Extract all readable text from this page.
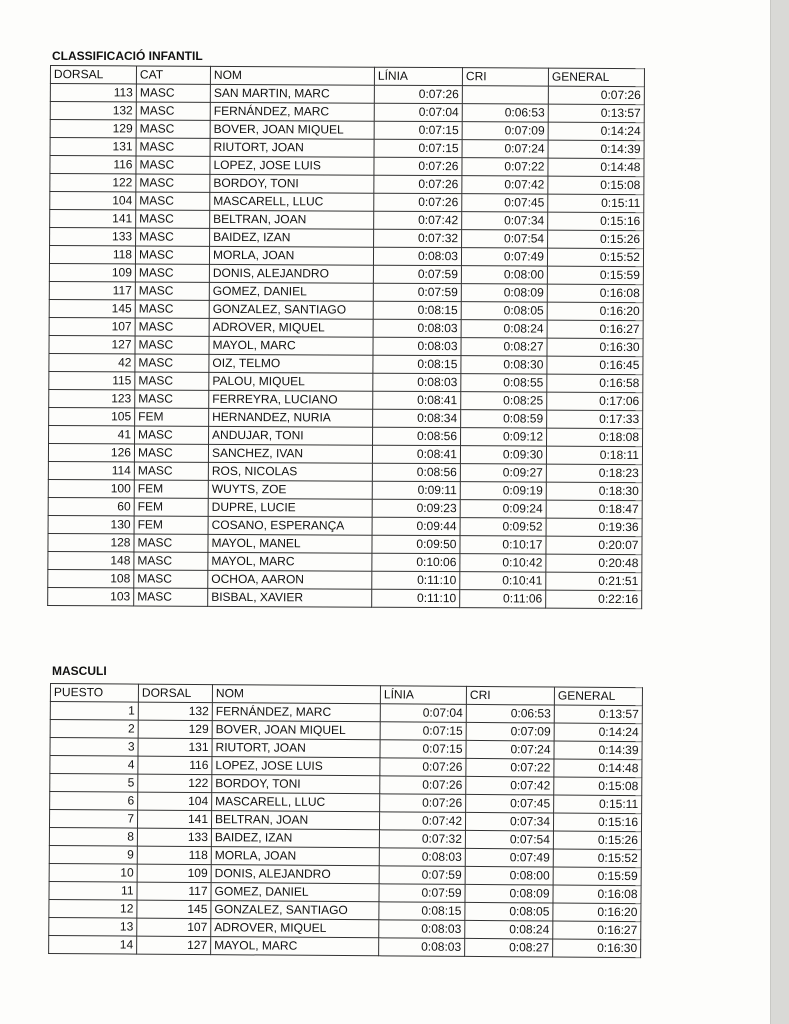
CLASSIFICACIÓ INFANTIL
DORSAL	CAT	NOM	LÍNIA	CRI	GENERAL
113	MASC	SAN MARTIN, MARC	0:07:26		0:07:26
132	MASC	FERNÁNDEZ, MARC	0:07:04	0:06:53	0:13:57
129	MASC	BOVER, JOAN MIQUEL	0:07:15	0:07:09	0:14:24
131	MASC	RIUTORT, JOAN	0:07:15	0:07:24	0:14:39
116	MASC	LOPEZ, JOSE LUIS	0:07:26	0:07:22	0:14:48
122	MASC	BORDOY, TONI	0:07:26	0:07:42	0:15:08
104	MASC	MASCARELL, LLUC	0:07:26	0:07:45	0:15:11
141	MASC	BELTRAN, JOAN	0:07:42	0:07:34	0:15:16
133	MASC	BAIDEZ, IZAN	0:07:32	0:07:54	0:15:26
118	MASC	MORLA, JOAN	0:08:03	0:07:49	0:15:52
109	MASC	DONIS, ALEJANDRO	0:07:59	0:08:00	0:15:59
117	MASC	GOMEZ, DANIEL	0:07:59	0:08:09	0:16:08
145	MASC	GONZALEZ, SANTIAGO	0:08:15	0:08:05	0:16:20
107	MASC	ADROVER, MIQUEL	0:08:03	0:08:24	0:16:27
127	MASC	MAYOL, MARC	0:08:03	0:08:27	0:16:30
42	MASC	OIZ, TELMO	0:08:15	0:08:30	0:16:45
115	MASC	PALOU, MIQUEL	0:08:03	0:08:55	0:16:58
123	MASC	FERREYRA, LUCIANO	0:08:41	0:08:25	0:17:06
105	FEM	HERNANDEZ, NURIA	0:08:34	0:08:59	0:17:33
41	MASC	ANDUJAR, TONI	0:08:56	0:09:12	0:18:08
126	MASC	SANCHEZ, IVAN	0:08:41	0:09:30	0:18:11
114	MASC	ROS, NICOLAS	0:08:56	0:09:27	0:18:23
100	FEM	WUYTS, ZOE	0:09:11	0:09:19	0:18:30
60	FEM	DUPRE, LUCIE	0:09:23	0:09:24	0:18:47
130	FEM	COSANO, ESPERANÇA	0:09:44	0:09:52	0:19:36
128	MASC	MAYOL, MANEL	0:09:50	0:10:17	0:20:07
148	MASC	MAYOL, MARC	0:10:06	0:10:42	0:20:48
108	MASC	OCHOA, AARON	0:11:10	0:10:41	0:21:51
103	MASC	BISBAL, XAVIER	0:11:10	0:11:06	0:22:16
MASCULI
PUESTO	DORSAL	NOM	LÍNIA	CRI	GENERAL
1	132	FERNÁNDEZ, MARC	0:07:04	0:06:53	0:13:57
2	129	BOVER, JOAN MIQUEL	0:07:15	0:07:09	0:14:24
3	131	RIUTORT, JOAN	0:07:15	0:07:24	0:14:39
4	116	LOPEZ, JOSE LUIS	0:07:26	0:07:22	0:14:48
5	122	BORDOY, TONI	0:07:26	0:07:42	0:15:08
6	104	MASCARELL, LLUC	0:07:26	0:07:45	0:15:11
7	141	BELTRAN, JOAN	0:07:42	0:07:34	0:15:16
8	133	BAIDEZ, IZAN	0:07:32	0:07:54	0:15:26
9	118	MORLA, JOAN	0:08:03	0:07:49	0:15:52
10	109	DONIS, ALEJANDRO	0:07:59	0:08:00	0:15:59
11	117	GOMEZ, DANIEL	0:07:59	0:08:09	0:16:08
12	145	GONZALEZ, SANTIAGO	0:08:15	0:08:05	0:16:20
13	107	ADROVER, MIQUEL	0:08:03	0:08:24	0:16:27
14	127	MAYOL, MARC	0:08:03	0:08:27	0:16:30
